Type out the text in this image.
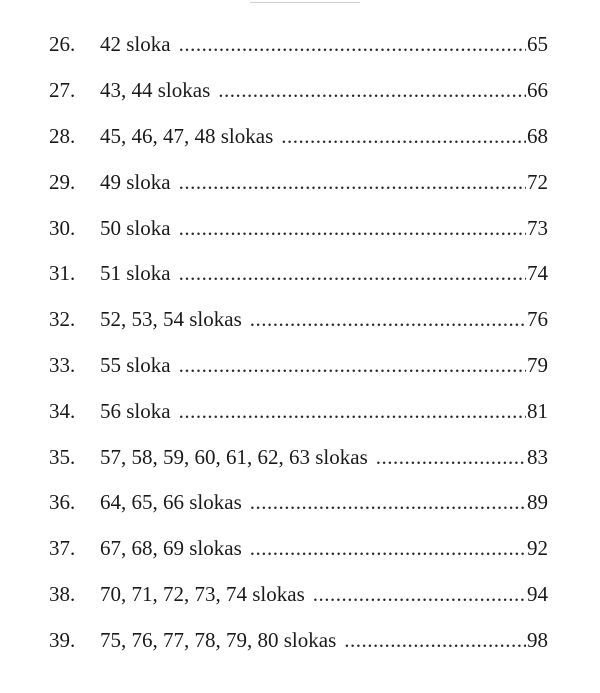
26.	42 sloka .....	65
27.	43, 44 slokas .....	66
28.	45, 46, 47, 48 slokas .....	68
29.	49 sloka .....	72
30.	50 sloka .....	73
31.	51 sloka .....	74
32.	52, 53, 54 slokas .....	76
33.	55 sloka .....	79
34.	56 sloka .....	81
35.	57, 58, 59, 60, 61, 62, 63 slokas .....	83
36.	64, 65, 66 slokas .....	89
37.	67, 68, 69 slokas .....	92
38.	70, 71, 72, 73, 74 slokas .....	94
39.	75, 76, 77, 78, 79, 80 slokas .....	98
